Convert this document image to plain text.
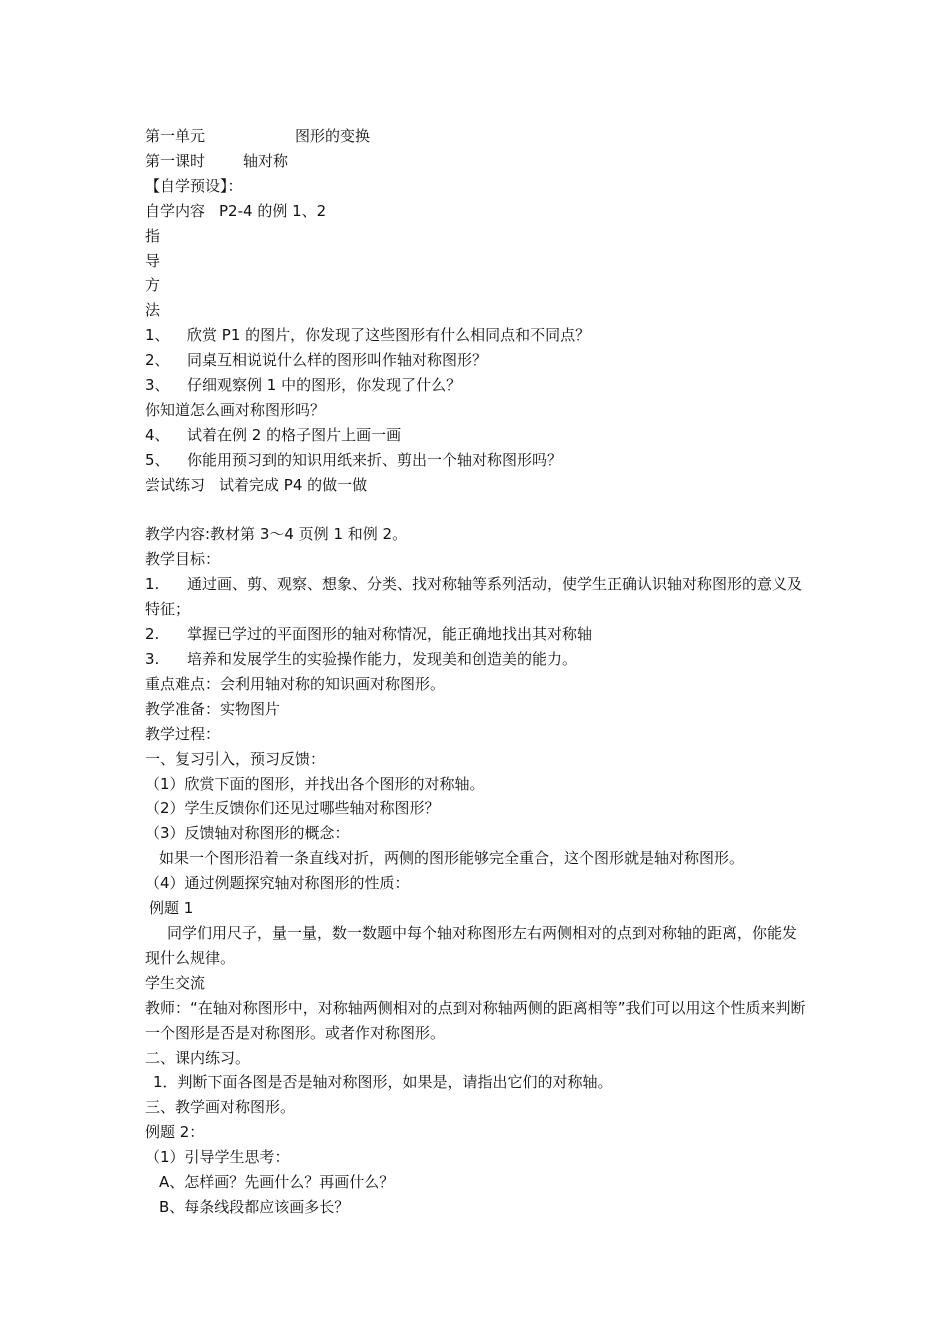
第一单元	图形的变换

第一课时	轴对称

【自学预设】：

自学内容 P2-4 的例 1、2

指

导

方

法

1、 欣赏 P1 的图片，你发现了这些图形有什么相同点和不同点？

2、 同桌互相说说什么样的图形叫作轴对称图形？

3、 仔细观察例 1 中的图形，你发现了什么？

你知道怎么画对称图形吗？

4、 试着在例 2 的格子图片上画一画

5、 你能用预习到的知识用纸来折、剪出一个轴对称图形吗？

尝试练习 试着完成 P4 的做一做

教学内容:教材第 3～4 页例 1 和例 2。

教学目标：

1. 通过画、剪、观察、想象、分类、找对称轴等系列活动，使学生正确认识轴对称图形的意义及特征；

2. 掌握已学过的平面图形的轴对称情况，能正确地找出其对称轴

3. 培养和发展学生的实验操作能力，发现美和创造美的能力。

重点难点：会利用轴对称的知识画对称图形。

教学准备：实物图片

教学过程：

一、复习引入，预习反馈：

（1）欣赏下面的图形，并找出各个图形的对称轴。

（2）学生反馈你们还见过哪些轴对称图形？

（3）反馈轴对称图形的概念：

如果一个图形沿着一条直线对折，两侧的图形能够完全重合，这个图形就是轴对称图形。

（4）通过例题探究轴对称图形的性质：

例题 1

同学们用尺子，量一量，数一数题中每个轴对称图形左右两侧相对的点到对称轴的距离，你能发现什么规律。

学生交流

教师：“在轴对称图形中，对称轴两侧相对的点到对称轴两侧的距离相等”我们可以用这个性质来判断一个图形是否是对称图形。或者作对称图形。

二、课内练习。

1．判断下面各图是否是轴对称图形，如果是，请指出它们的对称轴。

三、教学画对称图形。

例题 2：

（1）引导学生思考：

A、怎样画？先画什么？再画什么？

B、每条线段都应该画多长？
